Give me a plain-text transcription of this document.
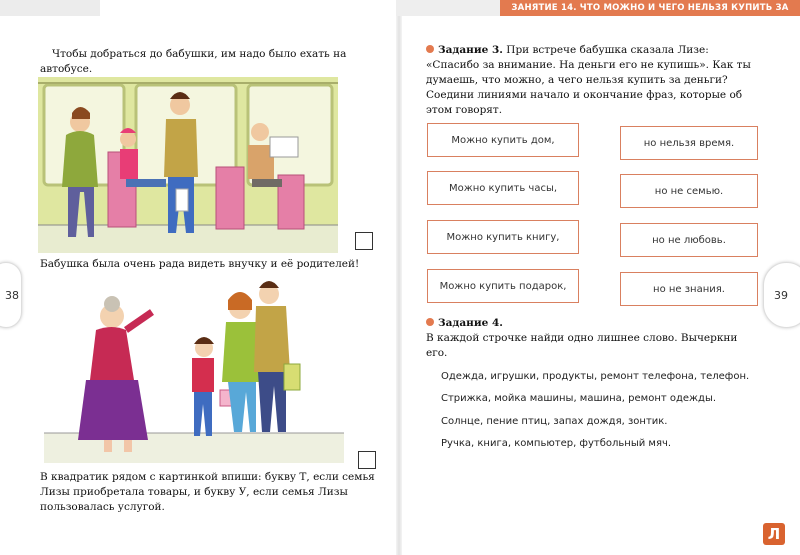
ЗАНЯТИЕ 14. ЧТО МОЖНО И ЧЕГО НЕЛЬЗЯ КУПИТЬ ЗА ДЕНЬГИ
38	39
Чтобы добраться до бабушки, им надо было ехать на автобусе.
Бабушка была очень рада видеть внучку и её родителей!
В квадратик рядом с картинкой впиши: букву Т, если семья Лизы приобретала товары, и букву У, если семья Лизы пользовалась услугой.
Задание 3. При встрече бабушка сказала Лизе: «Спасибо за внимание. На деньги его не купишь». Как ты думаешь, что можно, а чего нельзя купить за деньги? Соедини линиями начало и окончание фраз, которые об этом говорят.
Можно купить дом,
Можно купить часы,
Можно купить книгу,
Можно купить подарок,
но нельзя время.
но не семью.
но не любовь.
но не знания.
Задание 4.
В каждой строчке найди одно лишнее слово. Вычеркни его.
Одежда, игрушки, продукты, ремонт телефона, телефон.
Стрижка, мойка машины, машина, ремонт одежды.
Солнце, пение птиц, запах дождя, зонтик.
Ручка, книга, компьютер, футбольный мяч.
Л
